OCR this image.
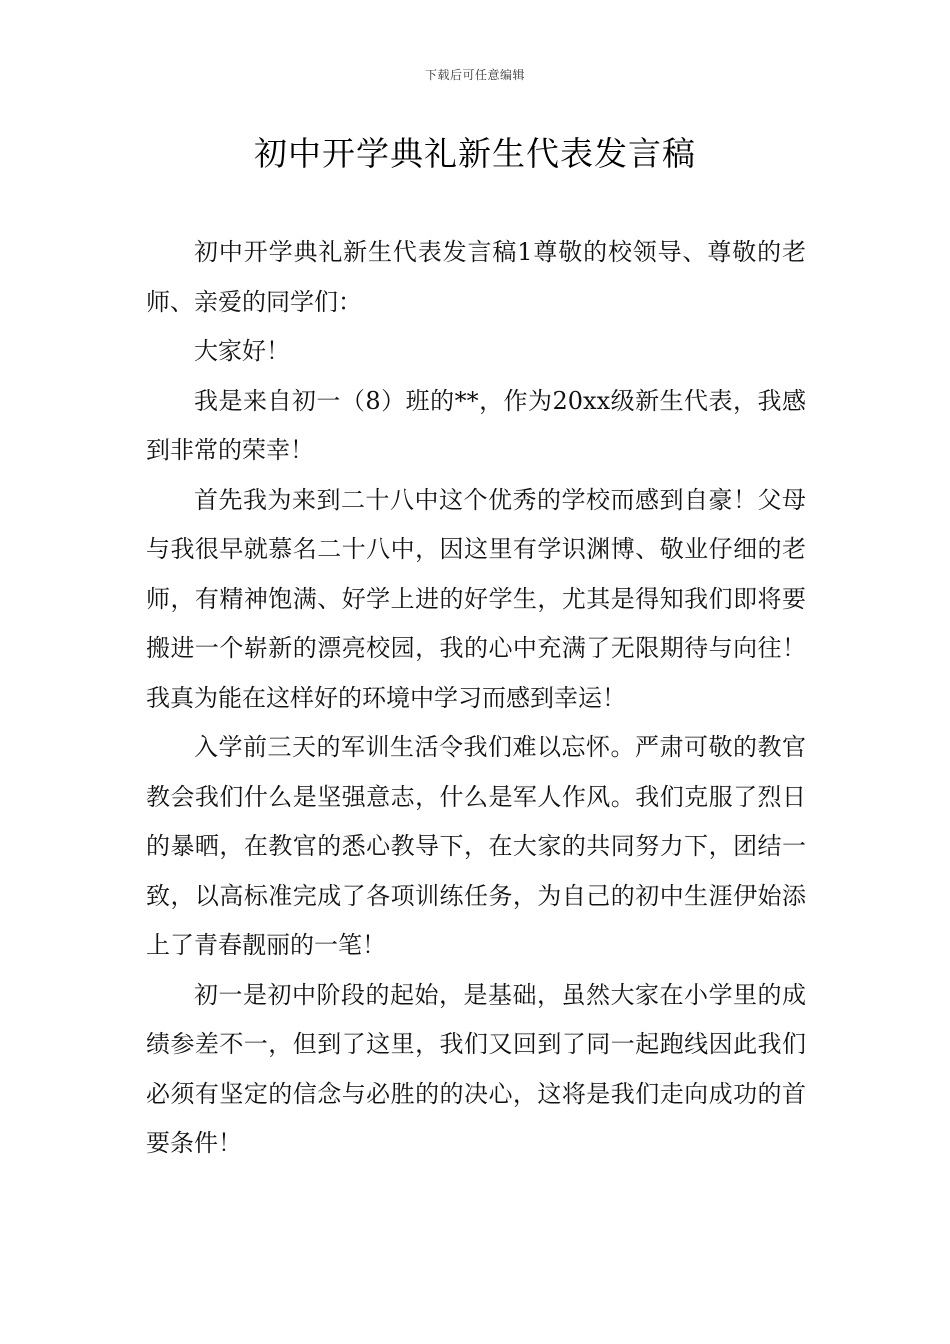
下载后可任意编辑
初中开学典礼新生代表发言稿

初中开学典礼新生代表发言稿1尊敬的校领导、尊敬的老师、亲爱的同学们：

大家好！

我是来自初一（8）班的**，作为20xx级新生代表，我感到非常的荣幸！

首先我为来到二十八中这个优秀的学校而感到自豪！父母与我很早就慕名二十八中，因这里有学识渊博、敬业仔细的老师，有精神饱满、好学上进的好学生，尤其是得知我们即将要搬进一个崭新的漂亮校园，我的心中充满了无限期待与向往！我真为能在这样好的环境中学习而感到幸运！

入学前三天的军训生活令我们难以忘怀。严肃可敬的教官教会我们什么是坚强意志，什么是军人作风。我们克服了烈日的暴晒，在教官的悉心教导下，在大家的共同努力下，团结一致，以高标准完成了各项训练任务，为自己的初中生涯伊始添上了青春靓丽的一笔！

初一是初中阶段的起始，是基础，虽然大家在小学里的成绩参差不一，但到了这里，我们又回到了同一起跑线因此我们必须有坚定的信念与必胜的的决心，这将是我们走向成功的首要条件！
